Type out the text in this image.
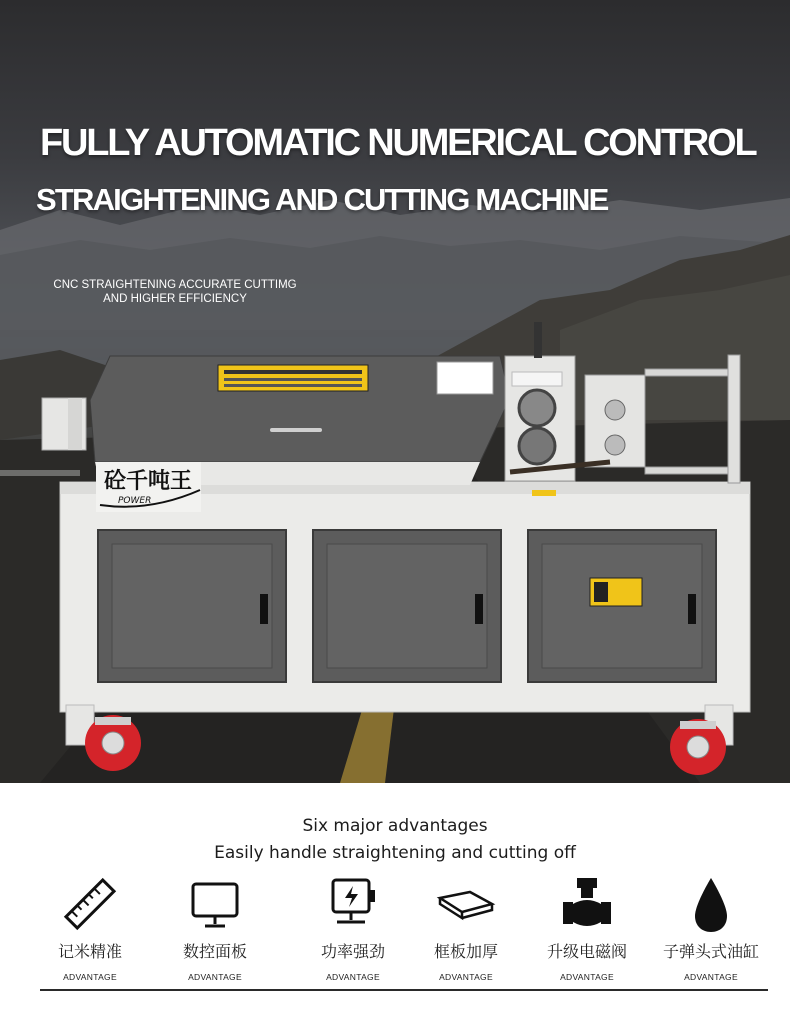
FULLY AUTOMATIC NUMERICAL CONTROL
STRAIGHTENING AND CUTTING MACHINE
CNC STRAIGHTENING ACCURATE CUTTIMG
AND HIGHER EFFICIENCY
砼千吨王
POWER
Six major advantages
Easily handle straightening and cutting off
记米精准
ADVANTAGE
数控面板
ADVANTAGE
功率强劲
ADVANTAGE
框板加厚
ADVANTAGE
升级电磁阀
ADVANTAGE
子弹头式油缸
ADVANTAGE
